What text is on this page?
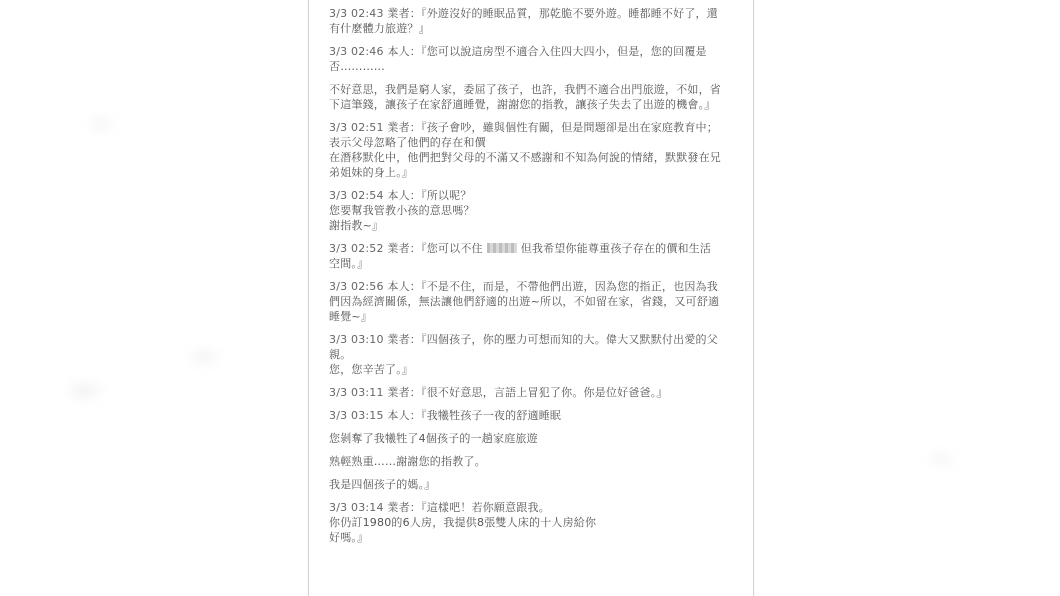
3/3 02:43 業者：『外遊沒好的睡眠品質，那乾脆不要外遊。睡都睡不好了，還
有什麼體力旅遊？』
3/3 02:46 本人：『您可以說這房型不適合入住四大四小，但是，您的回覆是
否…………
不好意思，我們是窮人家，委屈了孩子，也許，我們不適合出門旅遊，不如，省
下這筆錢，讓孩子在家舒適睡覺，謝謝您的指教，讓孩子失去了出遊的機會。』
3/3 02:51 業者：『孩子會吵，雖與個性有關，但是問題卻是出在家庭教育中；
表示父母忽略了他們的存在和價
在潛移默化中，他們把對父母的不滿又不感謝和不知為何說的情緒，默默發在兄
弟姐妹的身上。』
3/3 02:54 本人：『所以呢？
您要幫我管教小孩的意思嗎？
謝指教~』
3/3 02:52 業者：『您可以不住	但我希望你能尊重孩子存在的價和生活
空間。』
3/3 02:56 本人：『不是不住，而是，不帶他們出遊，因為您的指正，也因為我
們因為經濟關係，無法讓他們舒適的出遊~所以，不如留在家，省錢，又可舒適
睡覺~』
3/3 03:10 業者：『四個孩子，你的壓力可想而知的大。偉大又默默付出愛的父
親。
您，您辛苦了。』
3/3 03:11 業者：『很不好意思，言語上冒犯了你。你是位好爸爸。』
3/3 03:15 本人：『我犧牲孩子一夜的舒適睡眠
您剝奪了我犧牲了4個孩子的一趟家庭旅遊
熟輕熟重……謝謝您的指教了。
我是四個孩子的媽。』
3/3 03:14 業者：『這樣吧！若你願意跟我。
你仍訂1980的6人房，我提供8張雙人床的十人房給你
好嗎。』
